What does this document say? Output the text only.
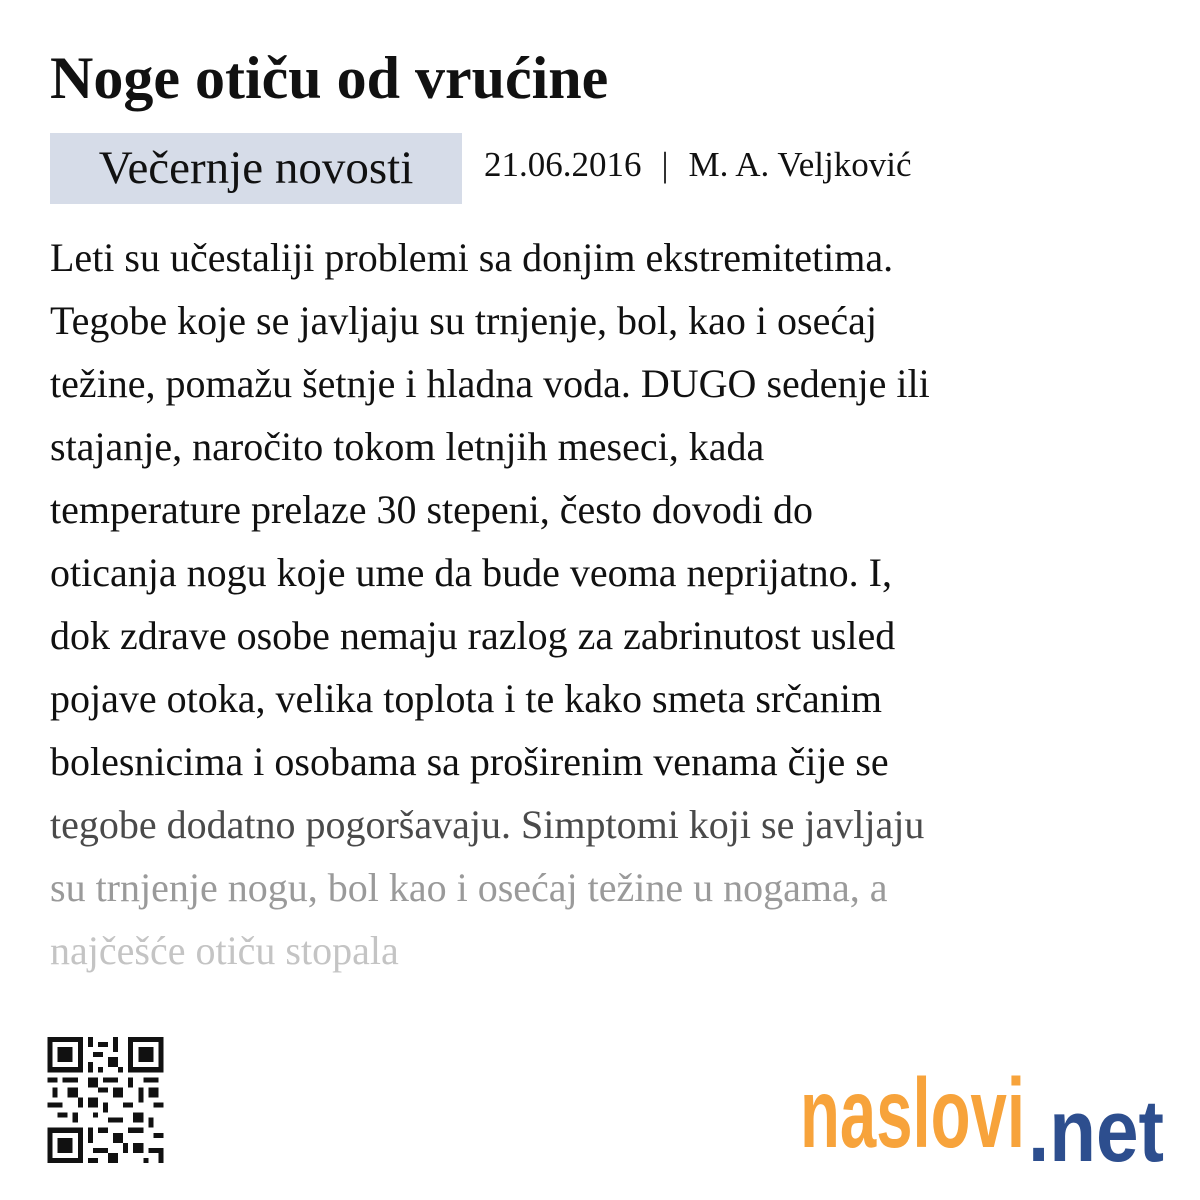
Noge otiču od vrućine
Večernje novosti	21.06.2016 | M. A. Veljković

Leti su učestaliji problemi sa donjim ekstremitetima.
Tegobe koje se javljaju su trnjenje, bol, kao i osećaj
težine, pomažu šetnje i hladna voda. DUGO sedenje ili
stajanje, naročito tokom letnjih meseci, kada
temperature prelaze 30 stepeni, često dovodi do
oticanja nogu koje ume da bude veoma neprijatno. I,
dok zdrave osobe nemaju razlog za zabrinutost usled
pojave otoka, velika toplota i te kako smeta srčanim
bolesnicima i osobama sa proširenim venama čije se
tegobe dodatno pogoršavaju. Simptomi koji se javljaju
su trnjenje nogu, bol kao i osećaj težine u nogama, a
najčešće otiču stopala

naslovi .net
